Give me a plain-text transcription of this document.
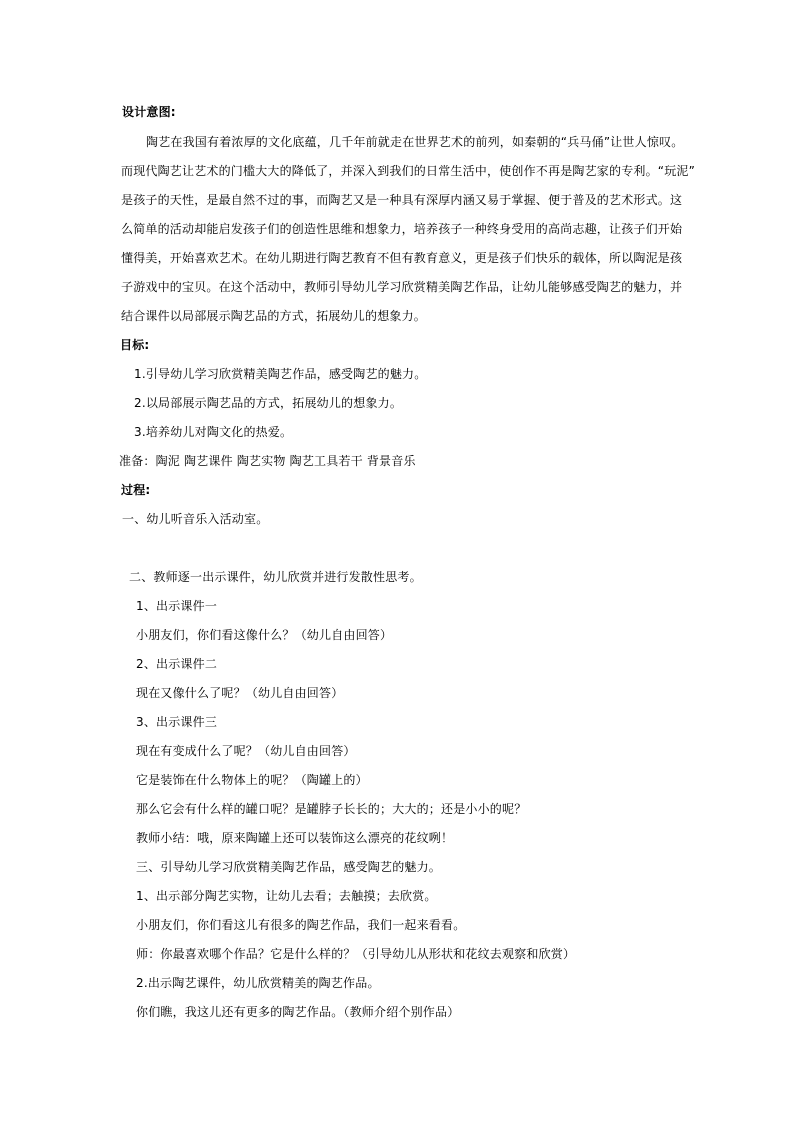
设计意图:
陶艺在我国有着浓厚的文化底蕴，几千年前就走在世界艺术的前列，如秦朝的“兵马俑”让世人惊叹。
而现代陶艺让艺术的门槛大大的降低了，并深入到我们的日常生活中，使创作不再是陶艺家的专利。“玩泥”
是孩子的天性，是最自然不过的事，而陶艺又是一种具有深厚内涵又易于掌握、便于普及的艺术形式。这
么简单的活动却能启发孩子们的创造性思维和想象力，培养孩子一种终身受用的高尚志趣，让孩子们开始
懂得美，开始喜欢艺术。在幼儿期进行陶艺教育不但有教育意义，更是孩子们快乐的载体，所以陶泥是孩
子游戏中的宝贝。在这个活动中，教师引导幼儿学习欣赏精美陶艺作品，让幼儿能够感受陶艺的魅力，并
结合课件以局部展示陶艺品的方式，拓展幼儿的想象力。
目标:
1.引导幼儿学习欣赏精美陶艺作品，感受陶艺的魅力。
2.以局部展示陶艺品的方式，拓展幼儿的想象力。
3.培养幼儿对陶文化的热爱。
准备：陶泥 陶艺课件 陶艺实物 陶艺工具若干 背景音乐
过程:
一、幼儿听音乐入活动室。
二、教师逐一出示课件，幼儿欣赏并进行发散性思考。
1、出示课件一
小朋友们，你们看这像什么？（幼儿自由回答）
2、出示课件二
现在又像什么了呢？（幼儿自由回答）
3、出示课件三
现在有变成什么了呢？（幼儿自由回答）
它是装饰在什么物体上的呢？（陶罐上的）
那么它会有什么样的罐口呢？是罐脖子长长的；大大的；还是小小的呢？
教师小结：哦，原来陶罐上还可以装饰这么漂亮的花纹咧！
三、引导幼儿学习欣赏精美陶艺作品，感受陶艺的魅力。
1、出示部分陶艺实物，让幼儿去看；去触摸；去欣赏。
小朋友们，你们看这儿有很多的陶艺作品，我们一起来看看。
师：你最喜欢哪个作品？它是什么样的？（引导幼儿从形状和花纹去观察和欣赏）
2.出示陶艺课件，幼儿欣赏精美的陶艺作品。
你们瞧，我这儿还有更多的陶艺作品。（教师介绍个别作品）
